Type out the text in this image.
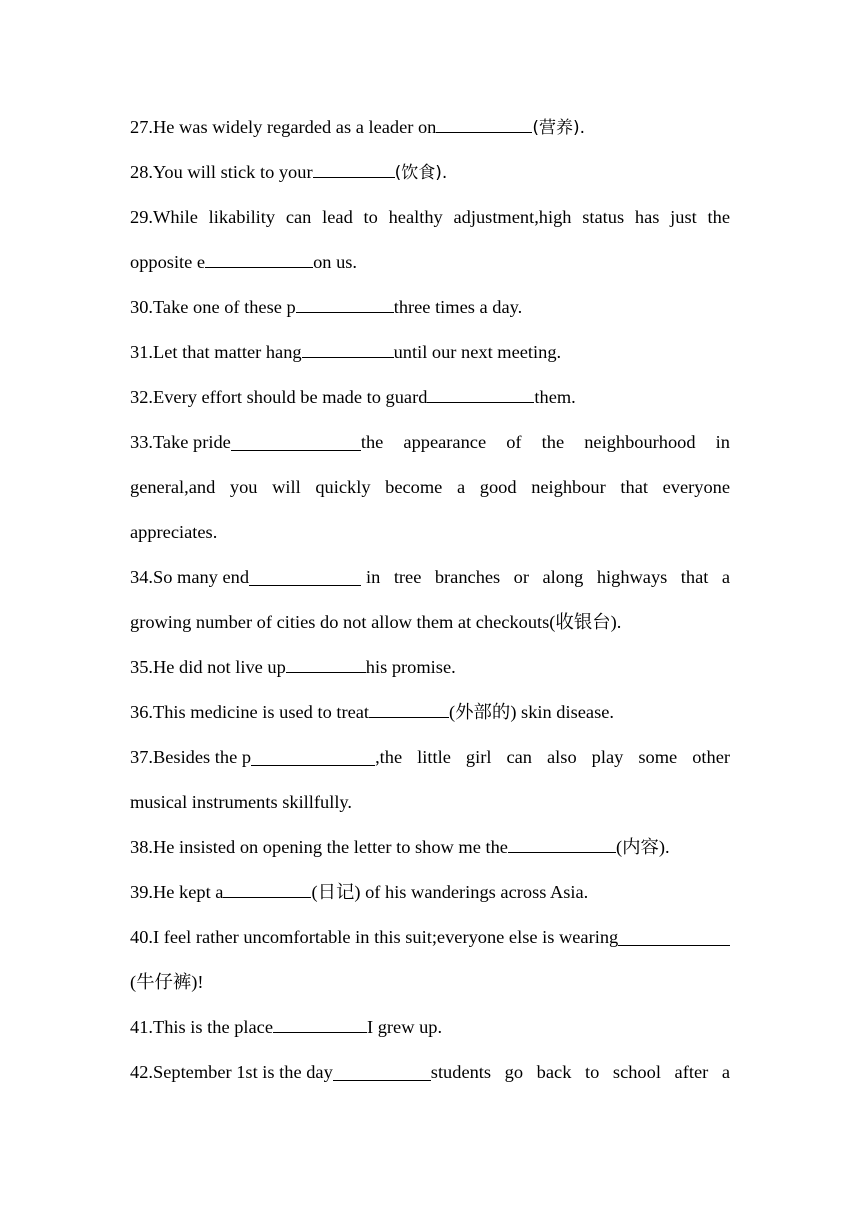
27.He was widely regarded as a leader on	(营养).
28.You will stick to your	(饮食).
29.While likability can lead to healthy adjustment,high status has just the
opposite e	on us.
30.Take one of these p	three times a day.
31.Let that matter hang	until our next meeting.
32.Every effort should be made to guard	them.
33.Take pride	the appearance of the neighbourhood in
general,and you will quickly become a good neighbour that everyone
appreciates.
34.So many end	in tree branches or along highways that a
growing number of cities do not allow them at checkouts(收银台).
35.He did not live up	his promise.
36.This medicine is used to treat	(外部的) skin disease.
37.Besides the p	,the little girl can also play some other
musical instruments skillfully.
38.He insisted on opening the letter to show me the	(内容).
39.He kept a	(日记) of his wanderings across Asia.
40.I feel rather uncomfortable in this suit;everyone else is wearing
(牛仔裤)!
41.This is the place	I grew up.
42.September 1st is the day	students go back to school after a
